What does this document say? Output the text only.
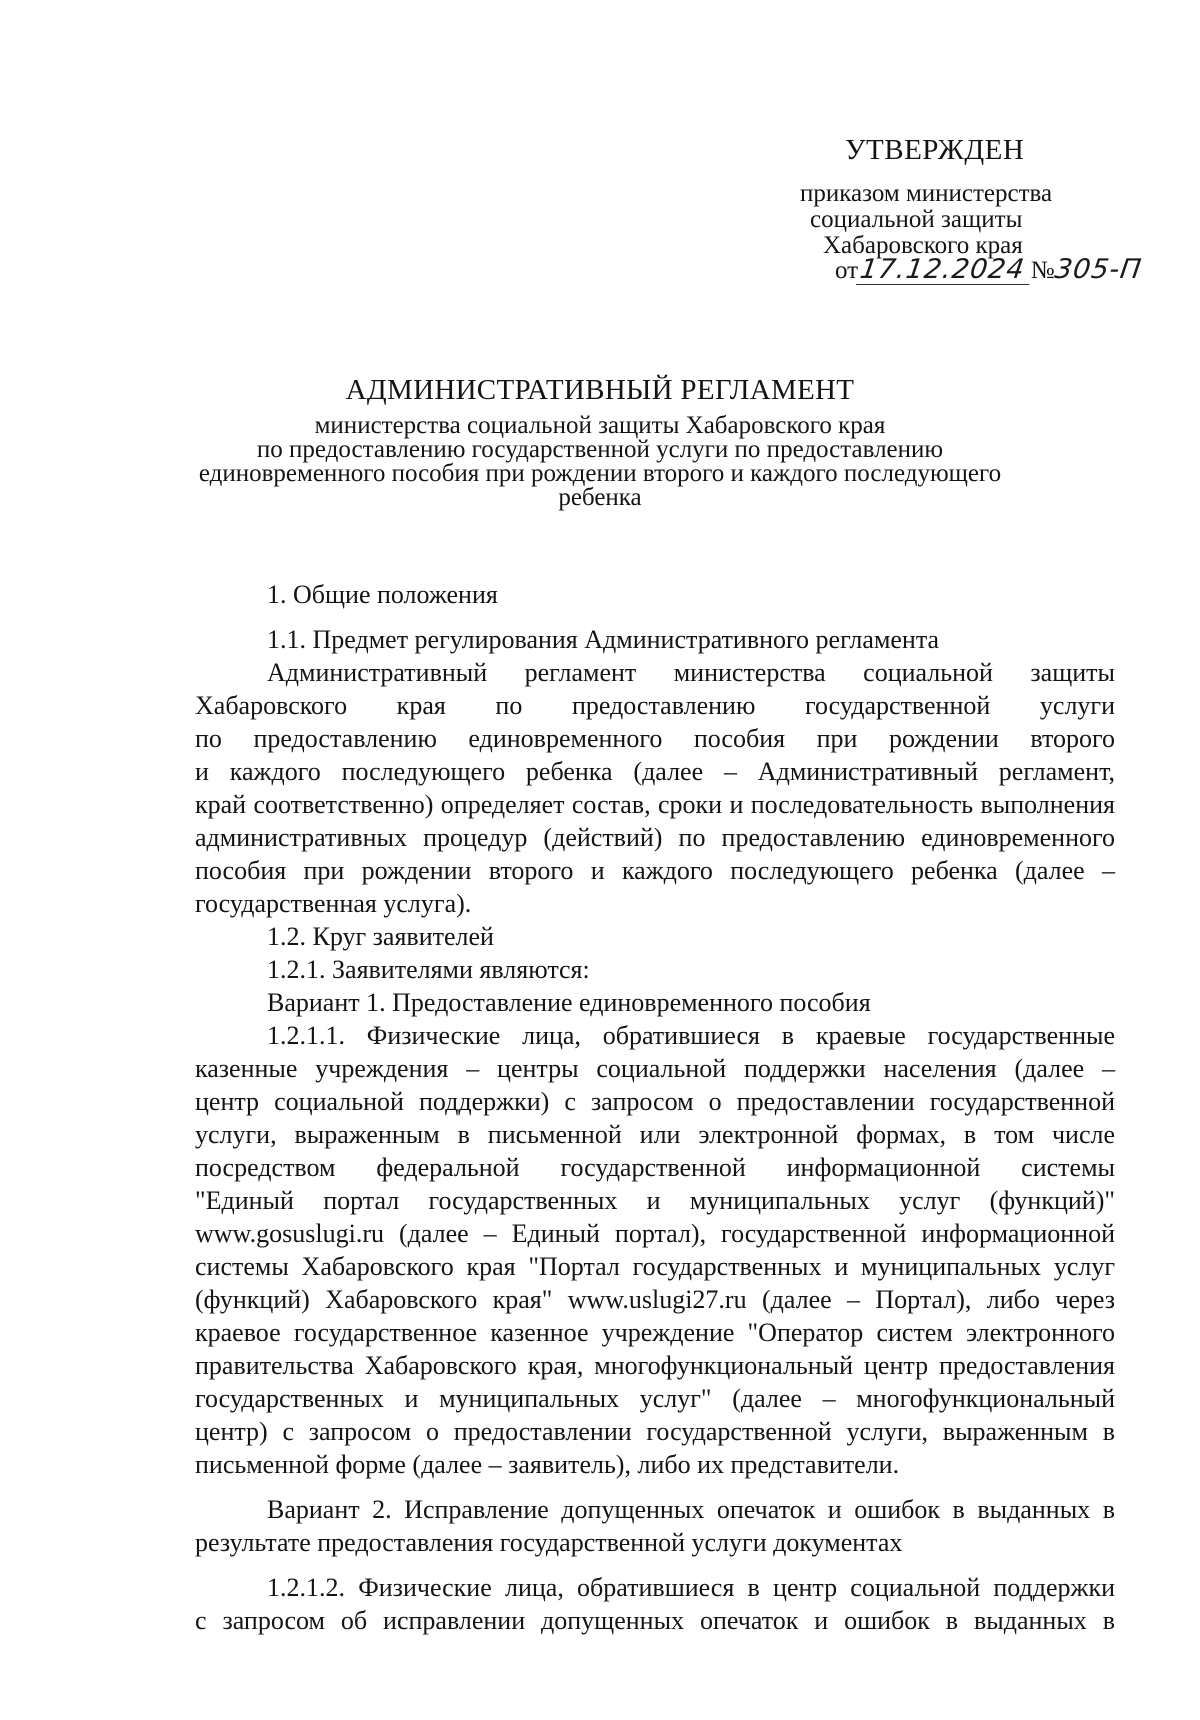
УТВЕРЖДЕН
приказом министерства
социальной защиты
Хабаровского края
от17.12.2024 №305-П
АДМИНИСТРАТИВНЫЙ РЕГЛАМЕНТ
министерства социальной защиты Хабаровского края
по предоставлению государственной услуги по предоставлению
единовременного пособия при рождении второго и каждого последующего
ребенка
1. Общие положения
1.1. Предмет регулирования Административного регламента
Административный регламент министерства социальной защиты
Хабаровского края по предоставлению государственной услуги
по предоставлению единовременного пособия при рождении второго
и каждого последующего ребенка (далее – Административный регламент,
край соответственно) определяет состав, сроки и последовательность выполнения
административных процедур (действий) по предоставлению единовременного
пособия при рождении второго и каждого последующего ребенка (далее –
государственная услуга).
1.2. Круг заявителей
1.2.1. Заявителями являются:
Вариант 1. Предоставление единовременного пособия
1.2.1.1. Физические лица, обратившиеся в краевые государственные
казенные учреждения – центры социальной поддержки населения (далее –
центр социальной поддержки) с запросом о предоставлении государственной
услуги, выраженным в письменной или электронной формах, в том числе
посредством федеральной государственной информационной системы
"Единый портал государственных и муниципальных услуг (функций)"
www.gosuslugi.ru (далее – Единый портал), государственной информационной
системы Хабаровского края "Портал государственных и муниципальных услуг
(функций) Хабаровского края" www.uslugi27.ru (далее – Портал), либо через
краевое государственное казенное учреждение "Оператор систем электронного
правительства Хабаровского края, многофункциональный центр предоставления
государственных и муниципальных услуг" (далее – многофункциональный
центр) с запросом о предоставлении государственной услуги, выраженным в
письменной форме (далее – заявитель), либо их представители.
Вариант 2. Исправление допущенных опечаток и ошибок в выданных в
результате предоставления государственной услуги документах
1.2.1.2. Физические лица, обратившиеся в центр социальной поддержки
с запросом об исправлении допущенных опечаток и ошибок в выданных в
